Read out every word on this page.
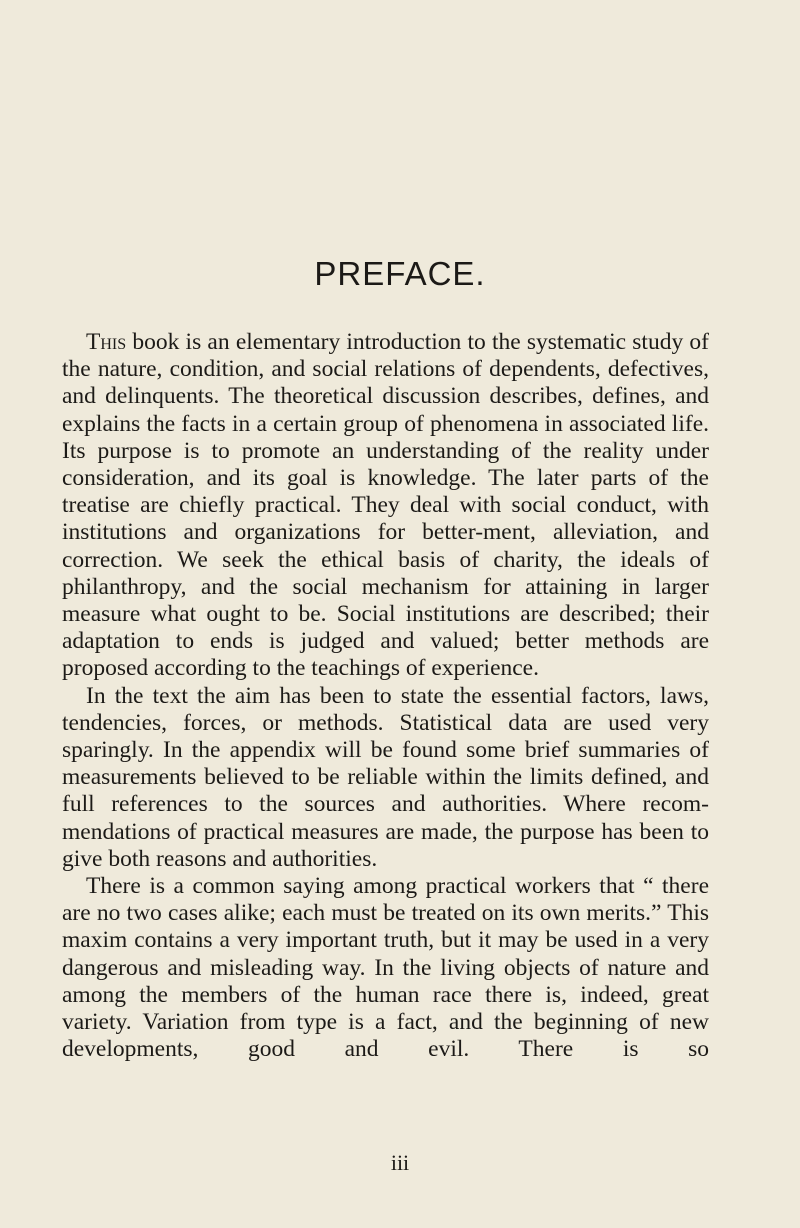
PREFACE.

This book is an elementary introduction to the systematic study of the nature, condition, and social relations of dependents, defectives, and delinquents. The theoretical discussion describes, defines, and explains the facts in a certain group of phenomena in associated life. Its purpose is to promote an understanding of the reality under consideration, and its goal is knowledge. The later parts of the treatise are chiefly practical. They deal with social conduct, with institutions and organizations for better-ment, alleviation, and correction. We seek the ethical basis of charity, the ideals of philanthropy, and the social mechanism for attaining in larger measure what ought to be. Social institutions are described; their adaptation to ends is judged and valued; better methods are proposed according to the teachings of experience.

In the text the aim has been to state the essential factors, laws, tendencies, forces, or methods. Statistical data are used very sparingly. In the appendix will be found some brief summaries of measurements believed to be reliable within the limits defined, and full references to the sources and authorities. Where recom-mendations of practical measures are made, the purpose has been to give both reasons and authorities.

There is a common saying among practical workers that “ there are no two cases alike; each must be treated on its own merits.” This maxim contains a very important truth, but it may be used in a very dangerous and misleading way. In the living objects of nature and among the members of the human race there is, indeed, great variety. Variation from type is a fact, and the beginning of new developments, good and evil. There is so

iii
